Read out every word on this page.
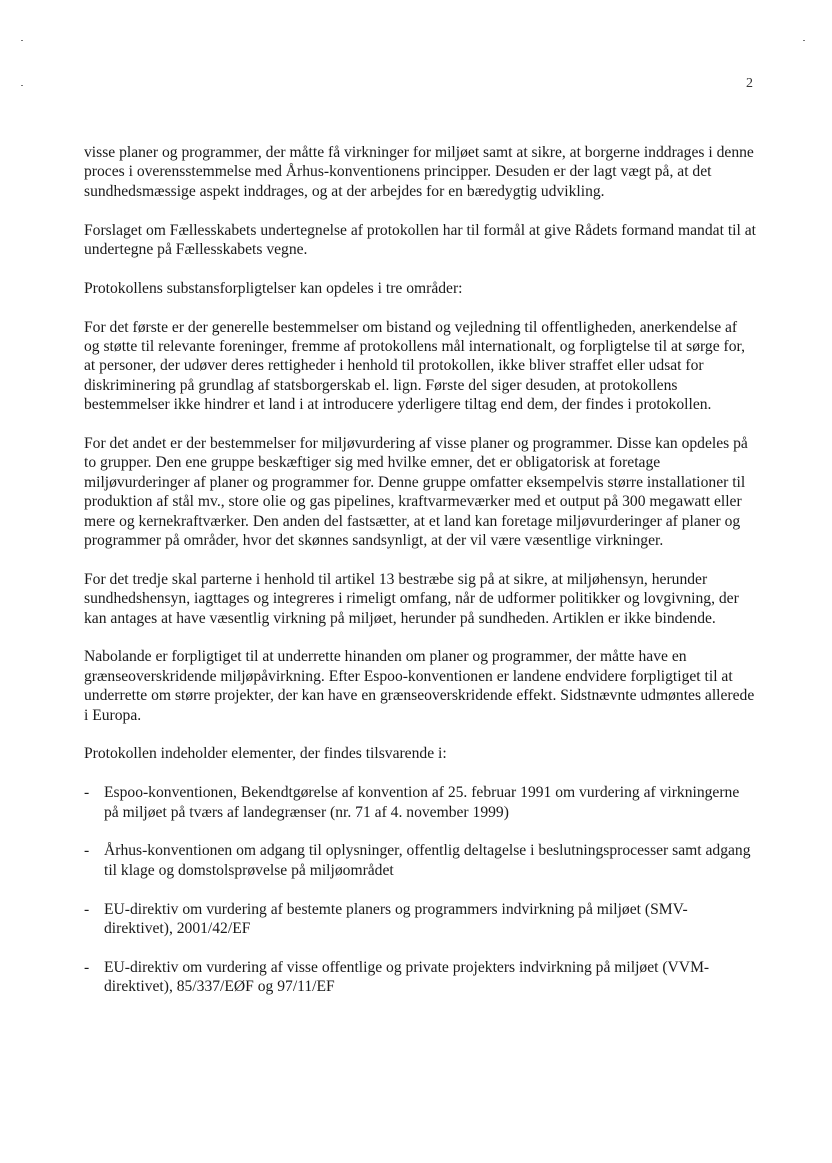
2

visse planer og programmer, der måtte få virkninger for miljøet samt at sikre, at borgerne inddrages i denne proces i overensstemmelse med Århus-konventionens principper. Desuden er der lagt vægt på, at det sundhedsmæssige aspekt inddrages, og at der arbejdes for en bæredygtig udvikling.

Forslaget om Fællesskabets undertegnelse af protokollen har til formål at give Rådets formand mandat til at undertegne på Fællesskabets vegne.

Protokollens substansforpligtelser kan opdeles i tre områder:

For det første er der generelle bestemmelser om bistand og vejledning til offentligheden, anerkendelse af og støtte til relevante foreninger, fremme af protokollens mål internationalt, og forpligtelse til at sørge for, at personer, der udøver deres rettigheder i henhold til protokollen, ikke bliver straffet eller udsat for diskriminering på grundlag af statsborgerskab el. lign. Første del siger desuden, at protokollens bestemmelser ikke hindrer et land i at introducere yderligere tiltag end dem, der findes i protokollen.

For det andet er der bestemmelser for miljøvurdering af visse planer og programmer. Disse kan opdeles på to grupper. Den ene gruppe beskæftiger sig med hvilke emner, det er obligatorisk at foretage miljøvurderinger af planer og programmer for. Denne gruppe omfatter eksempelvis større installationer til produktion af stål mv., store olie og gas pipelines, kraftvarmeværker med et output på 300 megawatt eller mere og kernekraftværker. Den anden del fastsætter, at et land kan foretage miljøvurderinger af planer og programmer på områder, hvor det skønnes sandsynligt, at der vil være væsentlige virkninger.

For det tredje skal parterne i henhold til artikel 13 bestræbe sig på at sikre, at miljøhensyn, herunder sundhedshensyn, iagttages og integreres i rimeligt omfang, når de udformer politikker og lovgivning, der kan antages at have væsentlig virkning på miljøet, herunder på sundheden. Artiklen er ikke bindende.

Nabolande er forpligtiget til at underrette hinanden om planer og programmer, der måtte have en grænseoverskridende miljøpåvirkning. Efter Espoo-konventionen er landene endvidere forpligtiget til at underrette om større projekter, der kan have en grænseoverskridende effekt. Sidstnævnte udmøntes allerede i Europa.

Protokollen indeholder elementer, der findes tilsvarende i:

- Espoo-konventionen, Bekendtgørelse af konvention af 25. februar 1991 om vurdering af virkningerne på miljøet på tværs af landegrænser (nr. 71 af 4. november 1999)
- Århus-konventionen om adgang til oplysninger, offentlig deltagelse i beslutningsprocesser samt adgang til klage og domstolsprøvelse på miljøområdet
- EU-direktiv om vurdering af bestemte planers og programmers indvirkning på miljøet (SMV-direktivet), 2001/42/EF
- EU-direktiv om vurdering af visse offentlige og private projekters indvirkning på miljøet (VVM-direktivet), 85/337/EØF og 97/11/EF
